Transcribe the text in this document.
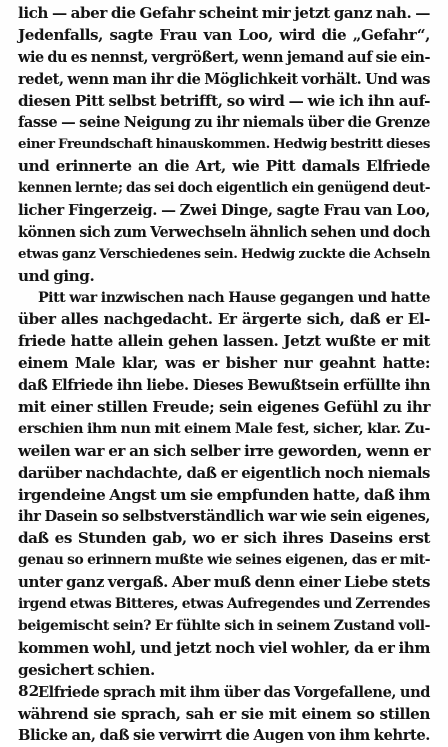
lich — aber die Gefahr scheint mir jetzt ganz nah. —
Jedenfalls, sagte Frau van Loo, wird die „Gefahr“,
wie du es nennst, vergrößert, wenn jemand auf sie ein-
redet, wenn man ihr die Möglichkeit vorhält. Und was
diesen Pitt selbst betrifft, so wird — wie ich ihn auf-
fasse — seine Neigung zu ihr niemals über die Grenze
einer Freundschaft hinauskommen. Hedwig bestritt dieses
und erinnerte an die Art, wie Pitt damals Elfriede
kennen lernte; das sei doch eigentlich ein genügend deut-
licher Fingerzeig. — Zwei Dinge, sagte Frau van Loo,
können sich zum Verwechseln ähnlich sehen und doch
etwas ganz Verschiedenes sein. Hedwig zuckte die Achseln
und ging.
Pitt war inzwischen nach Hause gegangen und hatte
über alles nachgedacht. Er ärgerte sich, daß er El-
friede hatte allein gehen lassen. Jetzt wußte er mit
einem Male klar, was er bisher nur geahnt hatte:
daß Elfriede ihn liebe. Dieses Bewußtsein erfüllte ihn
mit einer stillen Freude; sein eigenes Gefühl zu ihr
erschien ihm nun mit einem Male fest, sicher, klar. Zu-
weilen war er an sich selber irre geworden, wenn er
darüber nachdachte, daß er eigentlich noch niemals
irgendeine Angst um sie empfunden hatte, daß ihm
ihr Dasein so selbstverständlich war wie sein eigenes,
daß es Stunden gab, wo er sich ihres Daseins erst
genau so erinnern mußte wie seines eigenen, das er mit-
unter ganz vergaß. Aber muß denn einer Liebe stets
irgend etwas Bitteres, etwas Aufregendes und Zerrendes
beigemischt sein? Er fühlte sich in seinem Zustand voll-
kommen wohl, und jetzt noch viel wohler, da er ihm
gesichert schien.
Elfriede sprach mit ihm über das Vorgefallene, und
während sie sprach, sah er sie mit einem so stillen
Blicke an, daß sie verwirrt die Augen von ihm kehrte.
82
